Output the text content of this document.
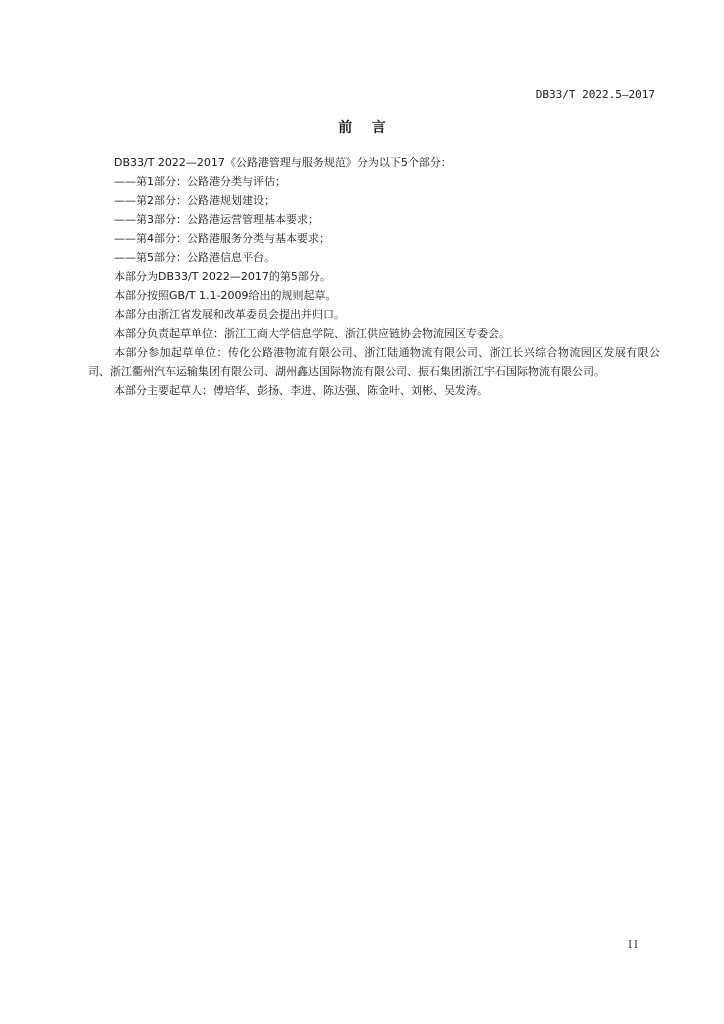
DB33/T 2022.5—2017
前    言

DB33/T 2022—2017《公路港管理与服务规范》分为以下5个部分：

——第1部分：公路港分类与评估；

——第2部分：公路港规划建设；

——第3部分：公路港运营管理基本要求；

——第4部分：公路港服务分类与基本要求；

——第5部分：公路港信息平台。

本部分为DB33/T 2022—2017的第5部分。

本部分按照GB/T 1.1-2009给出的规则起草。

本部分由浙江省发展和改革委员会提出并归口。

本部分负责起草单位：浙江工商大学信息学院、浙江供应链协会物流园区专委会。

本部分参加起草单位：传化公路港物流有限公司、浙江陆通物流有限公司、浙江长兴综合物流园区发展有限公司、浙江衢州汽车运输集团有限公司、湖州鑫达国际物流有限公司、振石集团浙江宇石国际物流有限公司。

本部分主要起草人：傅培华、彭扬、李进、陈达强、陈金叶、刘彬、吴发涛。

II
